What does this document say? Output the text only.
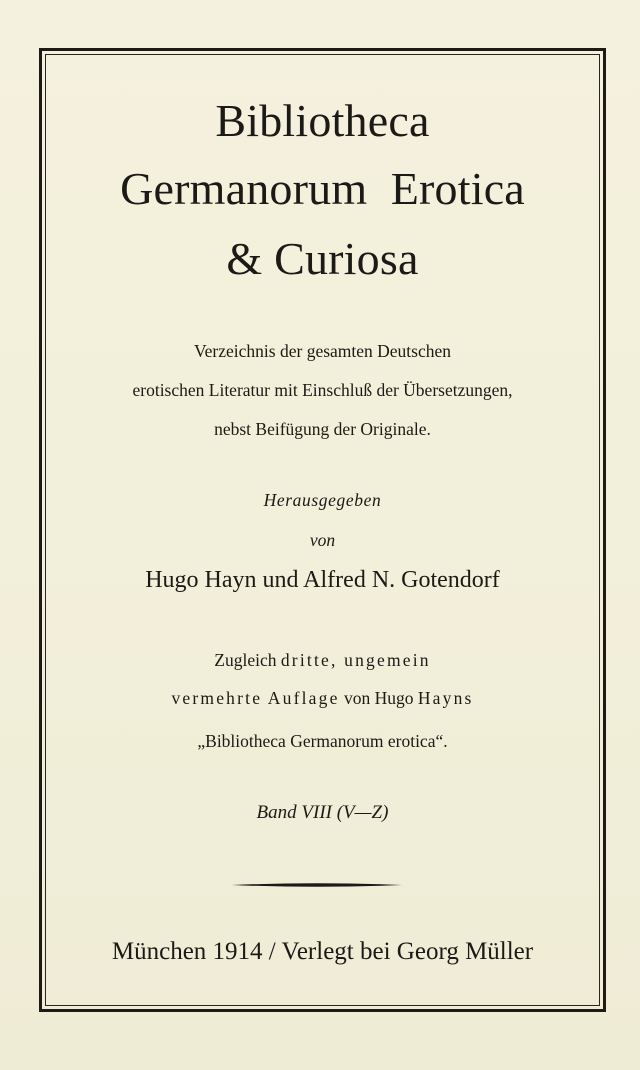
Bibliotheca
Germanorum  Erotica
& Curiosa
Verzeichnis der gesamten Deutschen
erotischen Literatur mit Einschluß der Übersetzungen,
nebst Beifügung der Originale.
Herausgegeben
von
Hugo Hayn und Alfred N. Gotendorf
Zugleich dritte, ungemein
vermehrte Auflage von Hugo Hayns
„Bibliotheca Germanorum erotica“.
Band VIII (V—Z)
München 1914 / Verlegt bei Georg Müller
